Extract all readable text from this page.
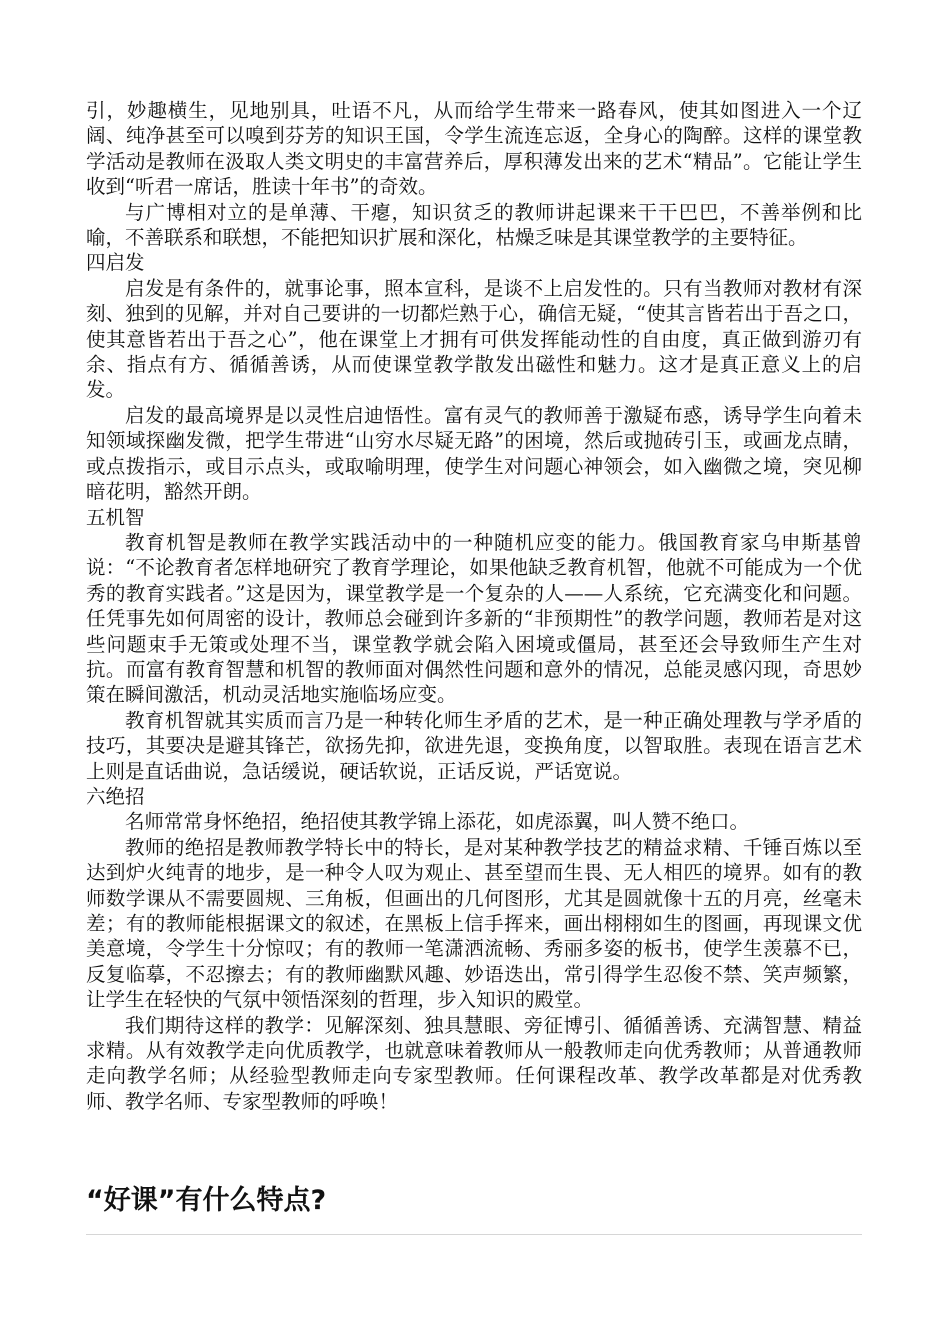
引，妙趣横生，见地别具，吐语不凡，从而给学生带来一路春风，使其如图进入一个辽阔、纯净甚至可以嗅到芬芳的知识王国，令学生流连忘返，全身心的陶醉。这样的课堂教学活动是教师在汲取人类文明史的丰富营养后，厚积薄发出来的艺术“精品”。它能让学生收到“听君一席话，胜读十年书”的奇效。

与广博相对立的是单薄、干瘪，知识贫乏的教师讲起课来干干巴巴，不善举例和比喻，不善联系和联想，不能把知识扩展和深化，枯燥乏味是其课堂教学的主要特征。

四启发

启发是有条件的，就事论事，照本宣科，是谈不上启发性的。只有当教师对教材有深刻、独到的见解，并对自己要讲的一切都烂熟于心，确信无疑，“使其言皆若出于吾之口，使其意皆若出于吾之心”，他在课堂上才拥有可供发挥能动性的自由度，真正做到游刃有余、指点有方、循循善诱，从而使课堂教学散发出磁性和魅力。这才是真正意义上的启发。

启发的最高境界是以灵性启迪悟性。富有灵气的教师善于激疑布惑，诱导学生向着未知领域探幽发微，把学生带进“山穷水尽疑无路”的困境，然后或抛砖引玉，或画龙点睛，或点拨指示，或目示点头，或取喻明理，使学生对问题心神领会，如入幽微之境，突见柳暗花明，豁然开朗。

五机智

教育机智是教师在教学实践活动中的一种随机应变的能力。俄国教育家乌申斯基曾说：“不论教育者怎样地研究了教育学理论，如果他缺乏教育机智，他就不可能成为一个优秀的教育实践者。”这是因为，课堂教学是一个复杂的人——人系统，它充满变化和问题。任凭事先如何周密的设计，教师总会碰到许多新的“非预期性”的教学问题，教师若是对这些问题束手无策或处理不当，课堂教学就会陷入困境或僵局，甚至还会导致师生产生对抗。而富有教育智慧和机智的教师面对偶然性问题和意外的情况，总能灵感闪现，奇思妙策在瞬间激活，机动灵活地实施临场应变。

教育机智就其实质而言乃是一种转化师生矛盾的艺术，是一种正确处理教与学矛盾的技巧，其要决是避其锋芒，欲扬先抑，欲进先退，变换角度，以智取胜。表现在语言艺术上则是直话曲说，急话缓说，硬话软说，正话反说，严话宽说。

六绝招

名师常常身怀绝招，绝招使其教学锦上添花，如虎添翼，叫人赞不绝口。

教师的绝招是教师教学特长中的特长，是对某种教学技艺的精益求精、千锤百炼以至达到炉火纯青的地步，是一种令人叹为观止、甚至望而生畏、无人相匹的境界。如有的教师数学课从不需要圆规、三角板，但画出的几何图形，尤其是圆就像十五的月亮，丝毫未差；有的教师能根据课文的叙述，在黑板上信手挥来，画出栩栩如生的图画，再现课文优美意境，令学生十分惊叹；有的教师一笔潇洒流畅、秀丽多姿的板书，使学生羡慕不已，反复临摹，不忍擦去；有的教师幽默风趣、妙语迭出，常引得学生忍俊不禁、笑声频繁，让学生在轻快的气氛中领悟深刻的哲理，步入知识的殿堂。

我们期待这样的教学：见解深刻、独具慧眼、旁征博引、循循善诱、充满智慧、精益求精。从有效教学走向优质教学，也就意味着教师从一般教师走向优秀教师；从普通教师走向教学名师；从经验型教师走向专家型教师。任何课程改革、教学改革都是对优秀教师、教学名师、专家型教师的呼唤！

“好课”有什么特点?
